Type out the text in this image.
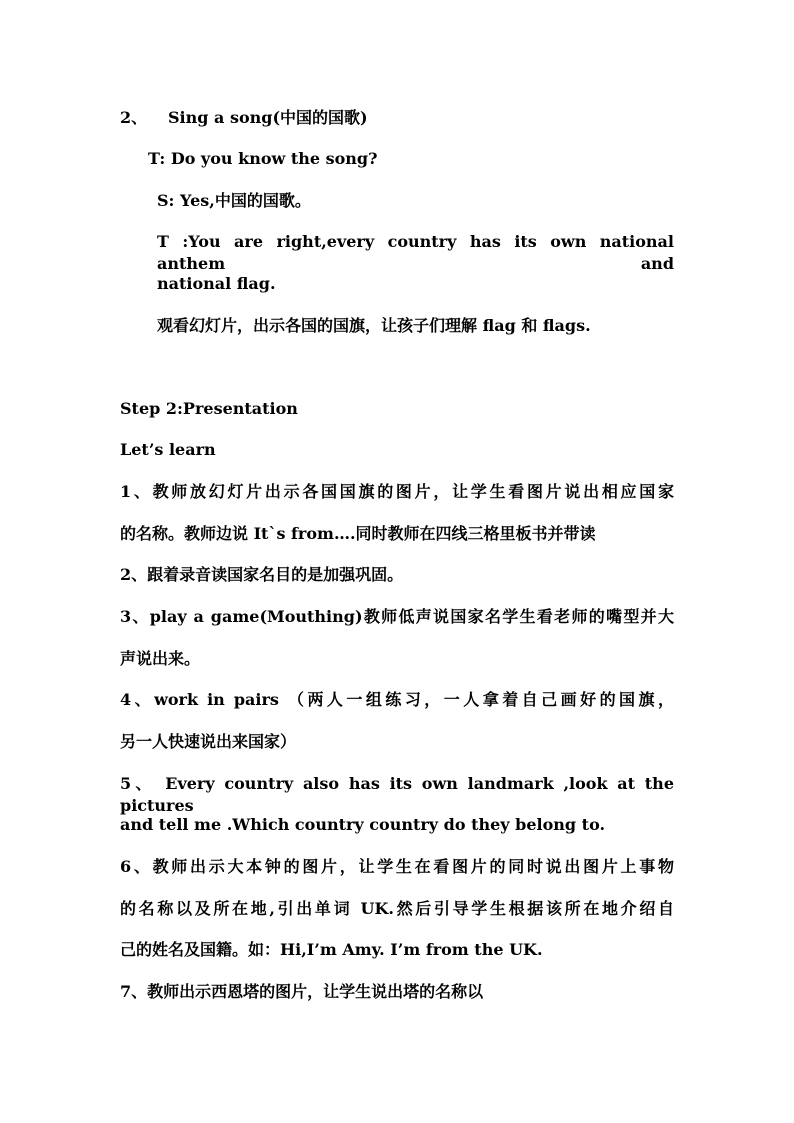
2、 Sing a song(中国的国歌)
T: Do you know the song?
S: Yes,中国的国歌。
T :You are right,every country has its own national anthem and
national flag.
观看幻灯片，出示各国的国旗，让孩子们理解 flag 和 flags.
Step 2:Presentation
Let’s learn
1、教师放幻灯片出示各国国旗的图片，让学生看图片说出相应国家
的名称。教师边说 It`s from….同时教师在四线三格里板书并带读
2、跟着录音读国家名目的是加强巩固。
3、play a game(Mouthing)教师低声说国家名学生看老师的嘴型并大
声说出来。
4、work in pairs （两人一组练习，一人拿着自己画好的国旗，
另一人快速说出来国家）
5、 Every country also has its own landmark ,look at the pictures
and tell me .Which country country do they belong to.
6、教师出示大本钟的图片，让学生在看图片的同时说出图片上事物
的名称以及所在地,引出单词 UK.然后引导学生根据该所在地介绍自
己的姓名及国籍。如：Hi,I’m Amy. I’m from the UK.
7、教师出示西恩塔的图片，让学生说出塔的名称以
